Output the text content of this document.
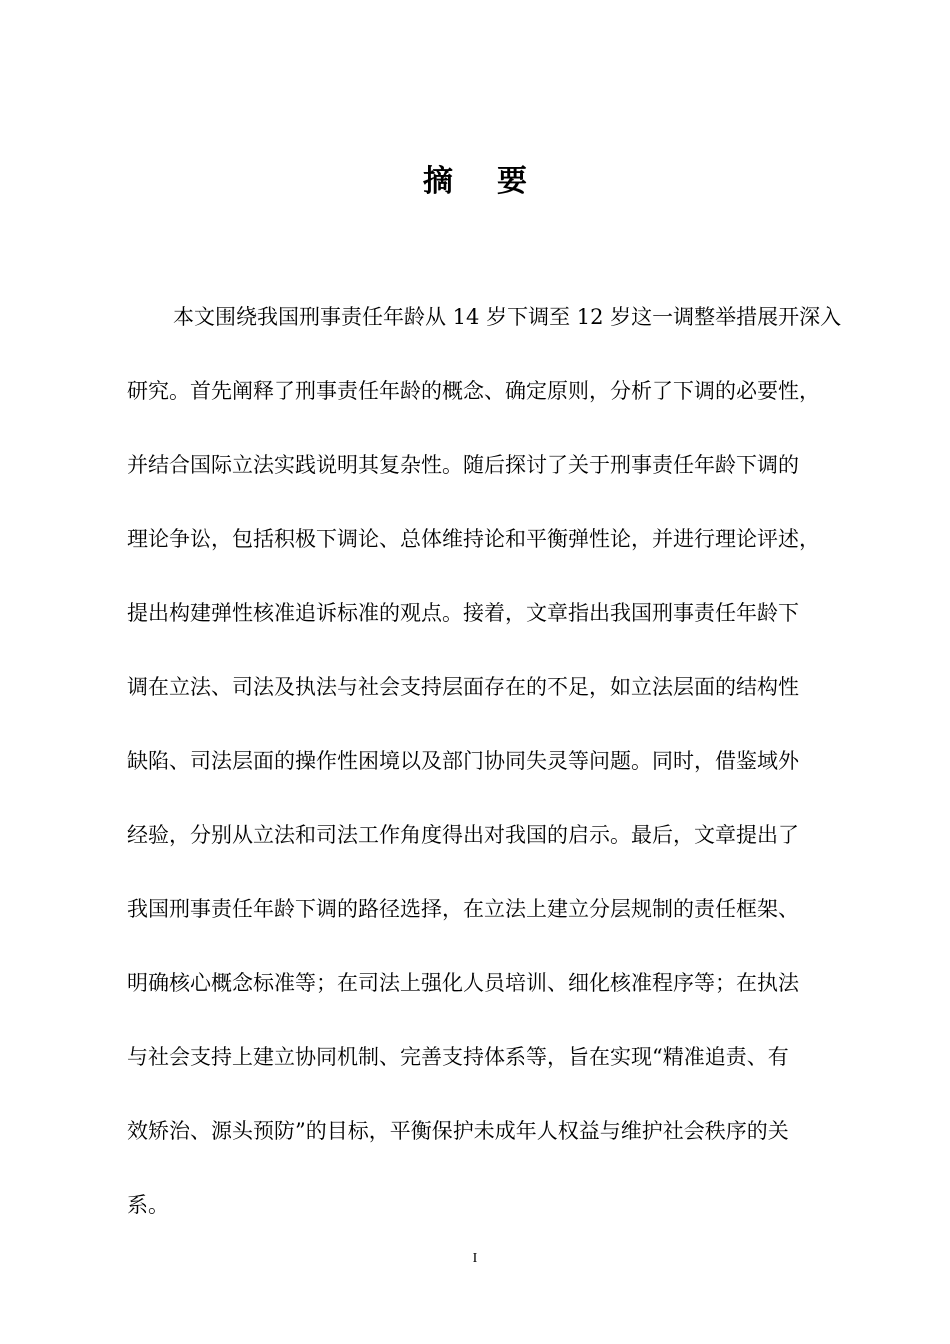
摘 要
本文围绕我国刑事责任年龄从 14 岁下调至 12 岁这一调整举措展开深入
研究。首先阐释了刑事责任年龄的概念、确定原则，分析了下调的必要性，
并结合国际立法实践说明其复杂性。随后探讨了关于刑事责任年龄下调的
理论争讼，包括积极下调论、总体维持论和平衡弹性论，并进行理论评述，
提出构建弹性核准追诉标准的观点。接着，文章指出我国刑事责任年龄下
调在立法、司法及执法与社会支持层面存在的不足，如立法层面的结构性
缺陷、司法层面的操作性困境以及部门协同失灵等问题。同时，借鉴域外
经验，分别从立法和司法工作角度得出对我国的启示。最后，文章提出了
我国刑事责任年龄下调的路径选择，在立法上建立分层规制的责任框架、
明确核心概念标准等；在司法上强化人员培训、细化核准程序等；在执法
与社会支持上建立协同机制、完善支持体系等，旨在实现“精准追责、有
效矫治、源头预防”的目标，平衡保护未成年人权益与维护社会秩序的关
系。
I
